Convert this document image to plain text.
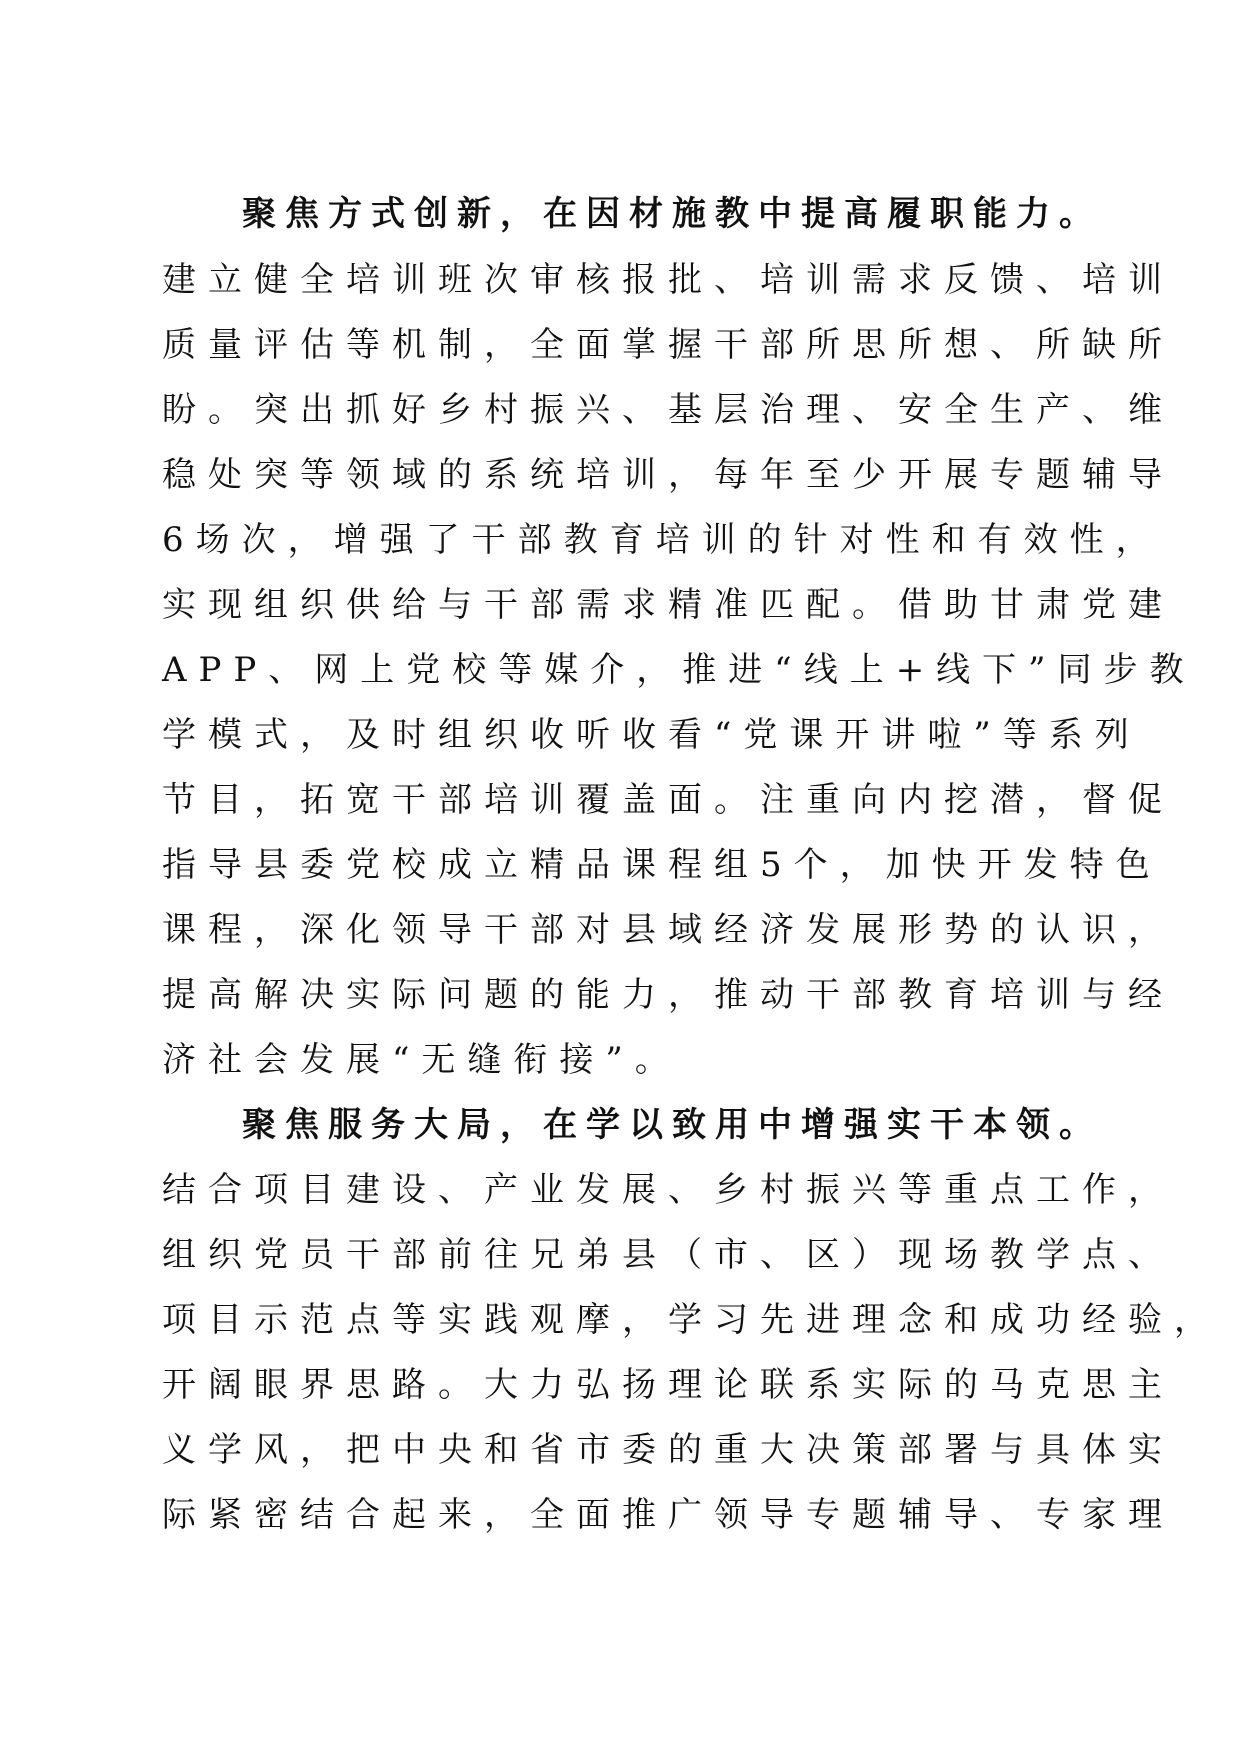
聚焦方式创新，在因材施教中提高履职能力。
建立健全培训班次审核报批、培训需求反馈、培训
质量评估等机制，全面掌握干部所思所想、所缺所
盼。突出抓好乡村振兴、基层治理、安全生产、维
稳处突等领域的系统培训，每年至少开展专题辅导
6场次，增强了干部教育培训的针对性和有效性，
实现组织供给与干部需求精准匹配。借助甘肃党建
APP、网上党校等媒介，推进“线上+线下”同步教
学模式，及时组织收听收看“党课开讲啦”等系列
节目，拓宽干部培训覆盖面。注重向内挖潜，督促
指导县委党校成立精品课程组5个，加快开发特色
课程，深化领导干部对县域经济发展形势的认识，
提高解决实际问题的能力，推动干部教育培训与经
济社会发展“无缝衔接”。
聚焦服务大局，在学以致用中增强实干本领。
结合项目建设、产业发展、乡村振兴等重点工作，
组织党员干部前往兄弟县（市、区）现场教学点、
项目示范点等实践观摩，学习先进理念和成功经验，
开阔眼界思路。大力弘扬理论联系实际的马克思主
义学风，把中央和省市委的重大决策部署与具体实
际紧密结合起来，全面推广领导专题辅导、专家理
